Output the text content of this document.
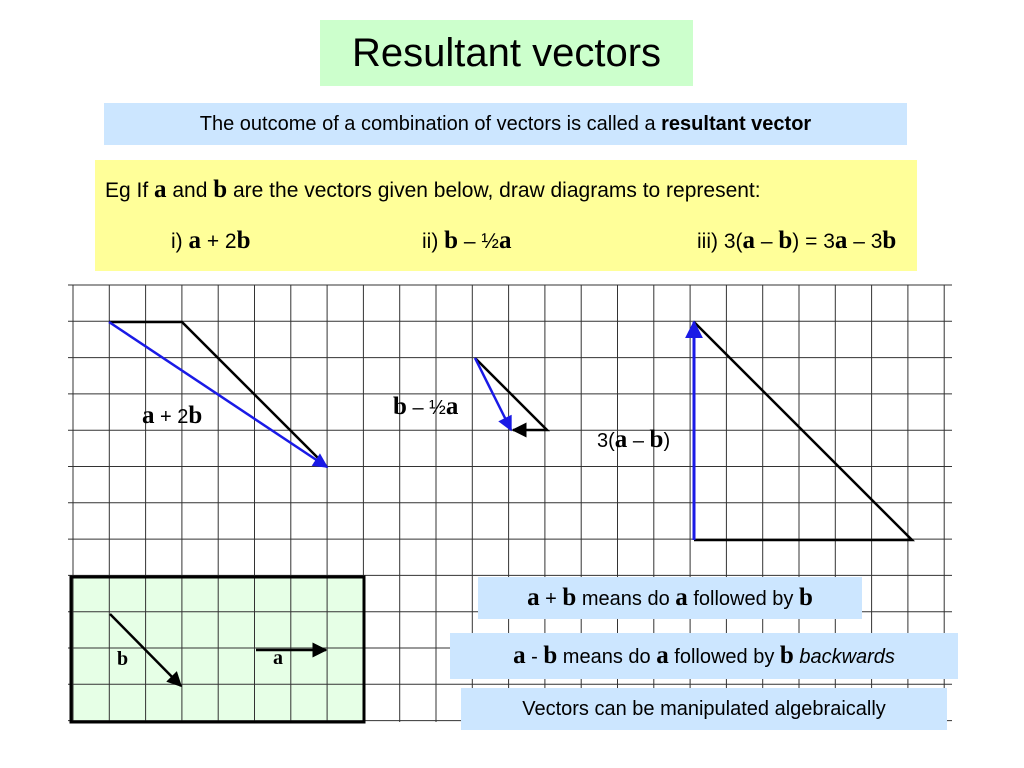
Resultant vectors
The outcome of a combination of vectors is called a resultant vector
Eg If a and b are the vectors given below, draw diagrams to represent:
i) a + 2b	ii) b – ½a	iii) 3(a – b) = 3a – 3b
a + 2b	b – ½a
3(a – b)
b	a
a + b means do a followed by b
a - b means do a followed by b backwards
Vectors can be manipulated algebraically
